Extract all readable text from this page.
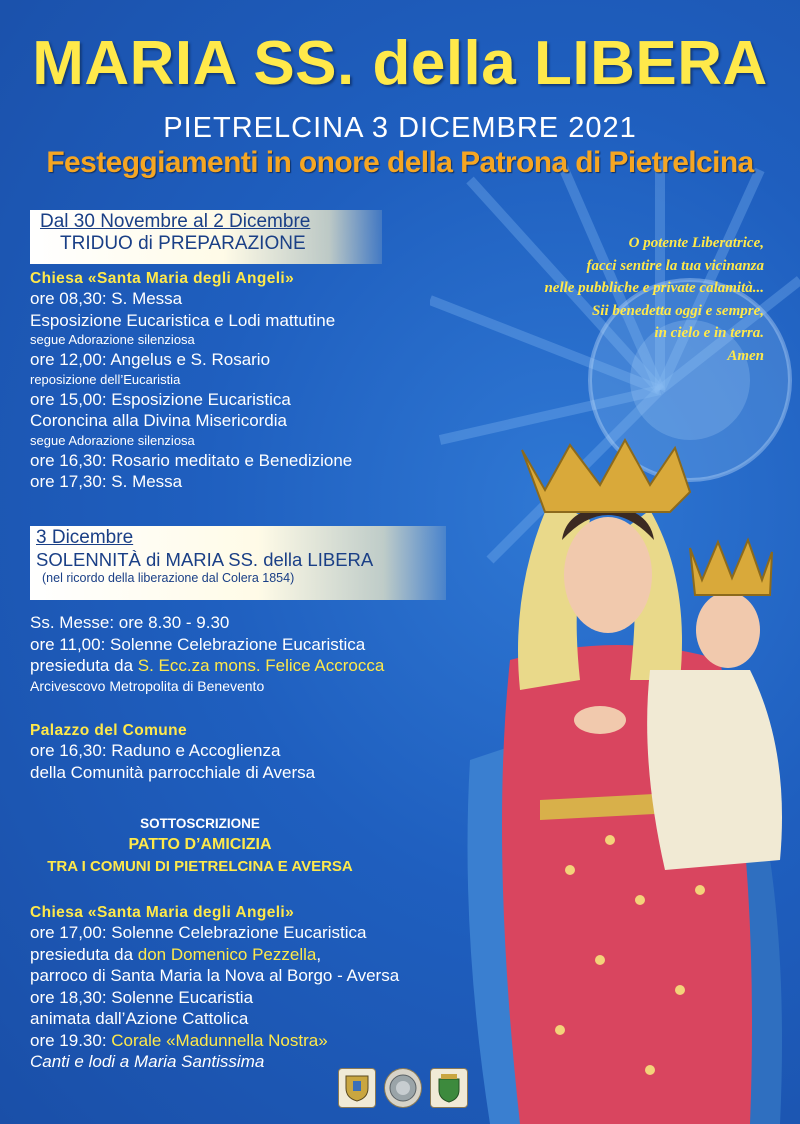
MARIA SS. della LIBERA
PIETRELCINA 3 DICEMBRE 2021
Festeggiamenti in onore della Patrona di Pietrelcina
Dal 30 Novembre al 2 Dicembre
TRIDUO di PREPARAZIONE
Chiesa «Santa Maria degli Angeli»
ore 08,30: S. Messa
Esposizione Eucaristica e Lodi mattutine
segue Adorazione silenziosa
ore 12,00: Angelus e S. Rosario
reposizione dell’Eucaristia
ore 15,00: Esposizione Eucaristica
Coroncina alla Divina Misericordia
segue Adorazione silenziosa
ore 16,30: Rosario meditato e Benedizione
ore 17,30: S. Messa
3 Dicembre
SOLENNITÀ di MARIA SS. della LIBERA
(nel ricordo della liberazione dal Colera 1854)
Ss. Messe: ore 8.30 - 9.30
ore 11,00: Solenne Celebrazione Eucaristica
presieduta da S. Ecc.za mons. Felice Accrocca
Arcivescovo Metropolita di Benevento
Palazzo del Comune
ore 16,30: Raduno e Accoglienza
della Comunità parrocchiale di Aversa
SOTTOSCRIZIONE
PATTO D’AMICIZIA
TRA I COMUNI DI PIETRELCINA E AVERSA
Chiesa «Santa Maria degli Angeli»
ore 17,00: Solenne Celebrazione Eucaristica
presieduta da don Domenico Pezzella,
parroco di Santa Maria la Nova al Borgo - Aversa
ore 18,30: Solenne Eucaristia
animata dall’Azione Cattolica
ore 19.30: Corale «Madunnella Nostra»
Canti e lodi a Maria Santissima
O potente Liberatrice,
facci sentire la tua vicinanza
nelle pubbliche e private calamità...
Sii benedetta oggi e sempre,
in cielo e in terra.
Amen
